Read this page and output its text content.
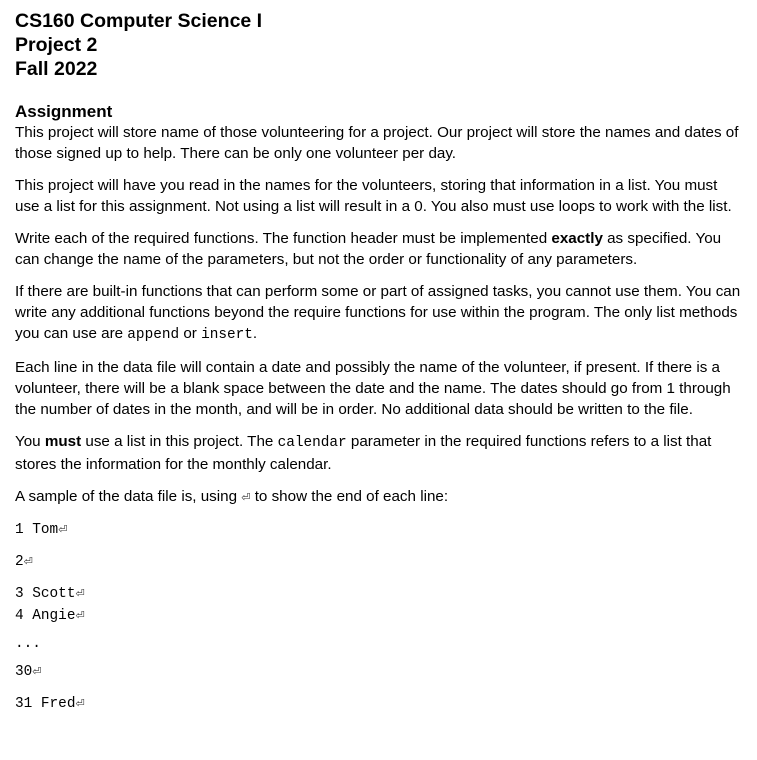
CS160 Computer Science I
Project 2
Fall 2022
Assignment

This project will store name of those volunteering for a project. Our project will store the names and dates of those signed up to help. There can be only one volunteer per day.

This project will have you read in the names for the volunteers, storing that information in a list. You must use a list for this assignment. Not using a list will result in a 0. You also must use loops to work with the list.

Write each of the required functions. The function header must be implemented exactly as specified. You can change the name of the parameters, but not the order or functionality of any parameters.

If there are built-in functions that can perform some or part of assigned tasks, you cannot use them. You can write any additional functions beyond the require functions for use within the program. The only list methods you can use are append or insert.

Each line in the data file will contain a date and possibly the name of the volunteer, if present. If there is a volunteer, there will be a blank space between the date and the name. The dates should go from 1 through the number of dates in the month, and will be in order. No additional data should be written to the file.

You must use a list in this project. The calendar parameter in the required functions refers to a list that stores the information for the monthly calendar.

A sample of the data file is, using ⏎ to show the end of each line:

1 Tom⏎
2⏎
3 Scott⏎
4 Angie⏎
...
30⏎
31 Fred⏎
